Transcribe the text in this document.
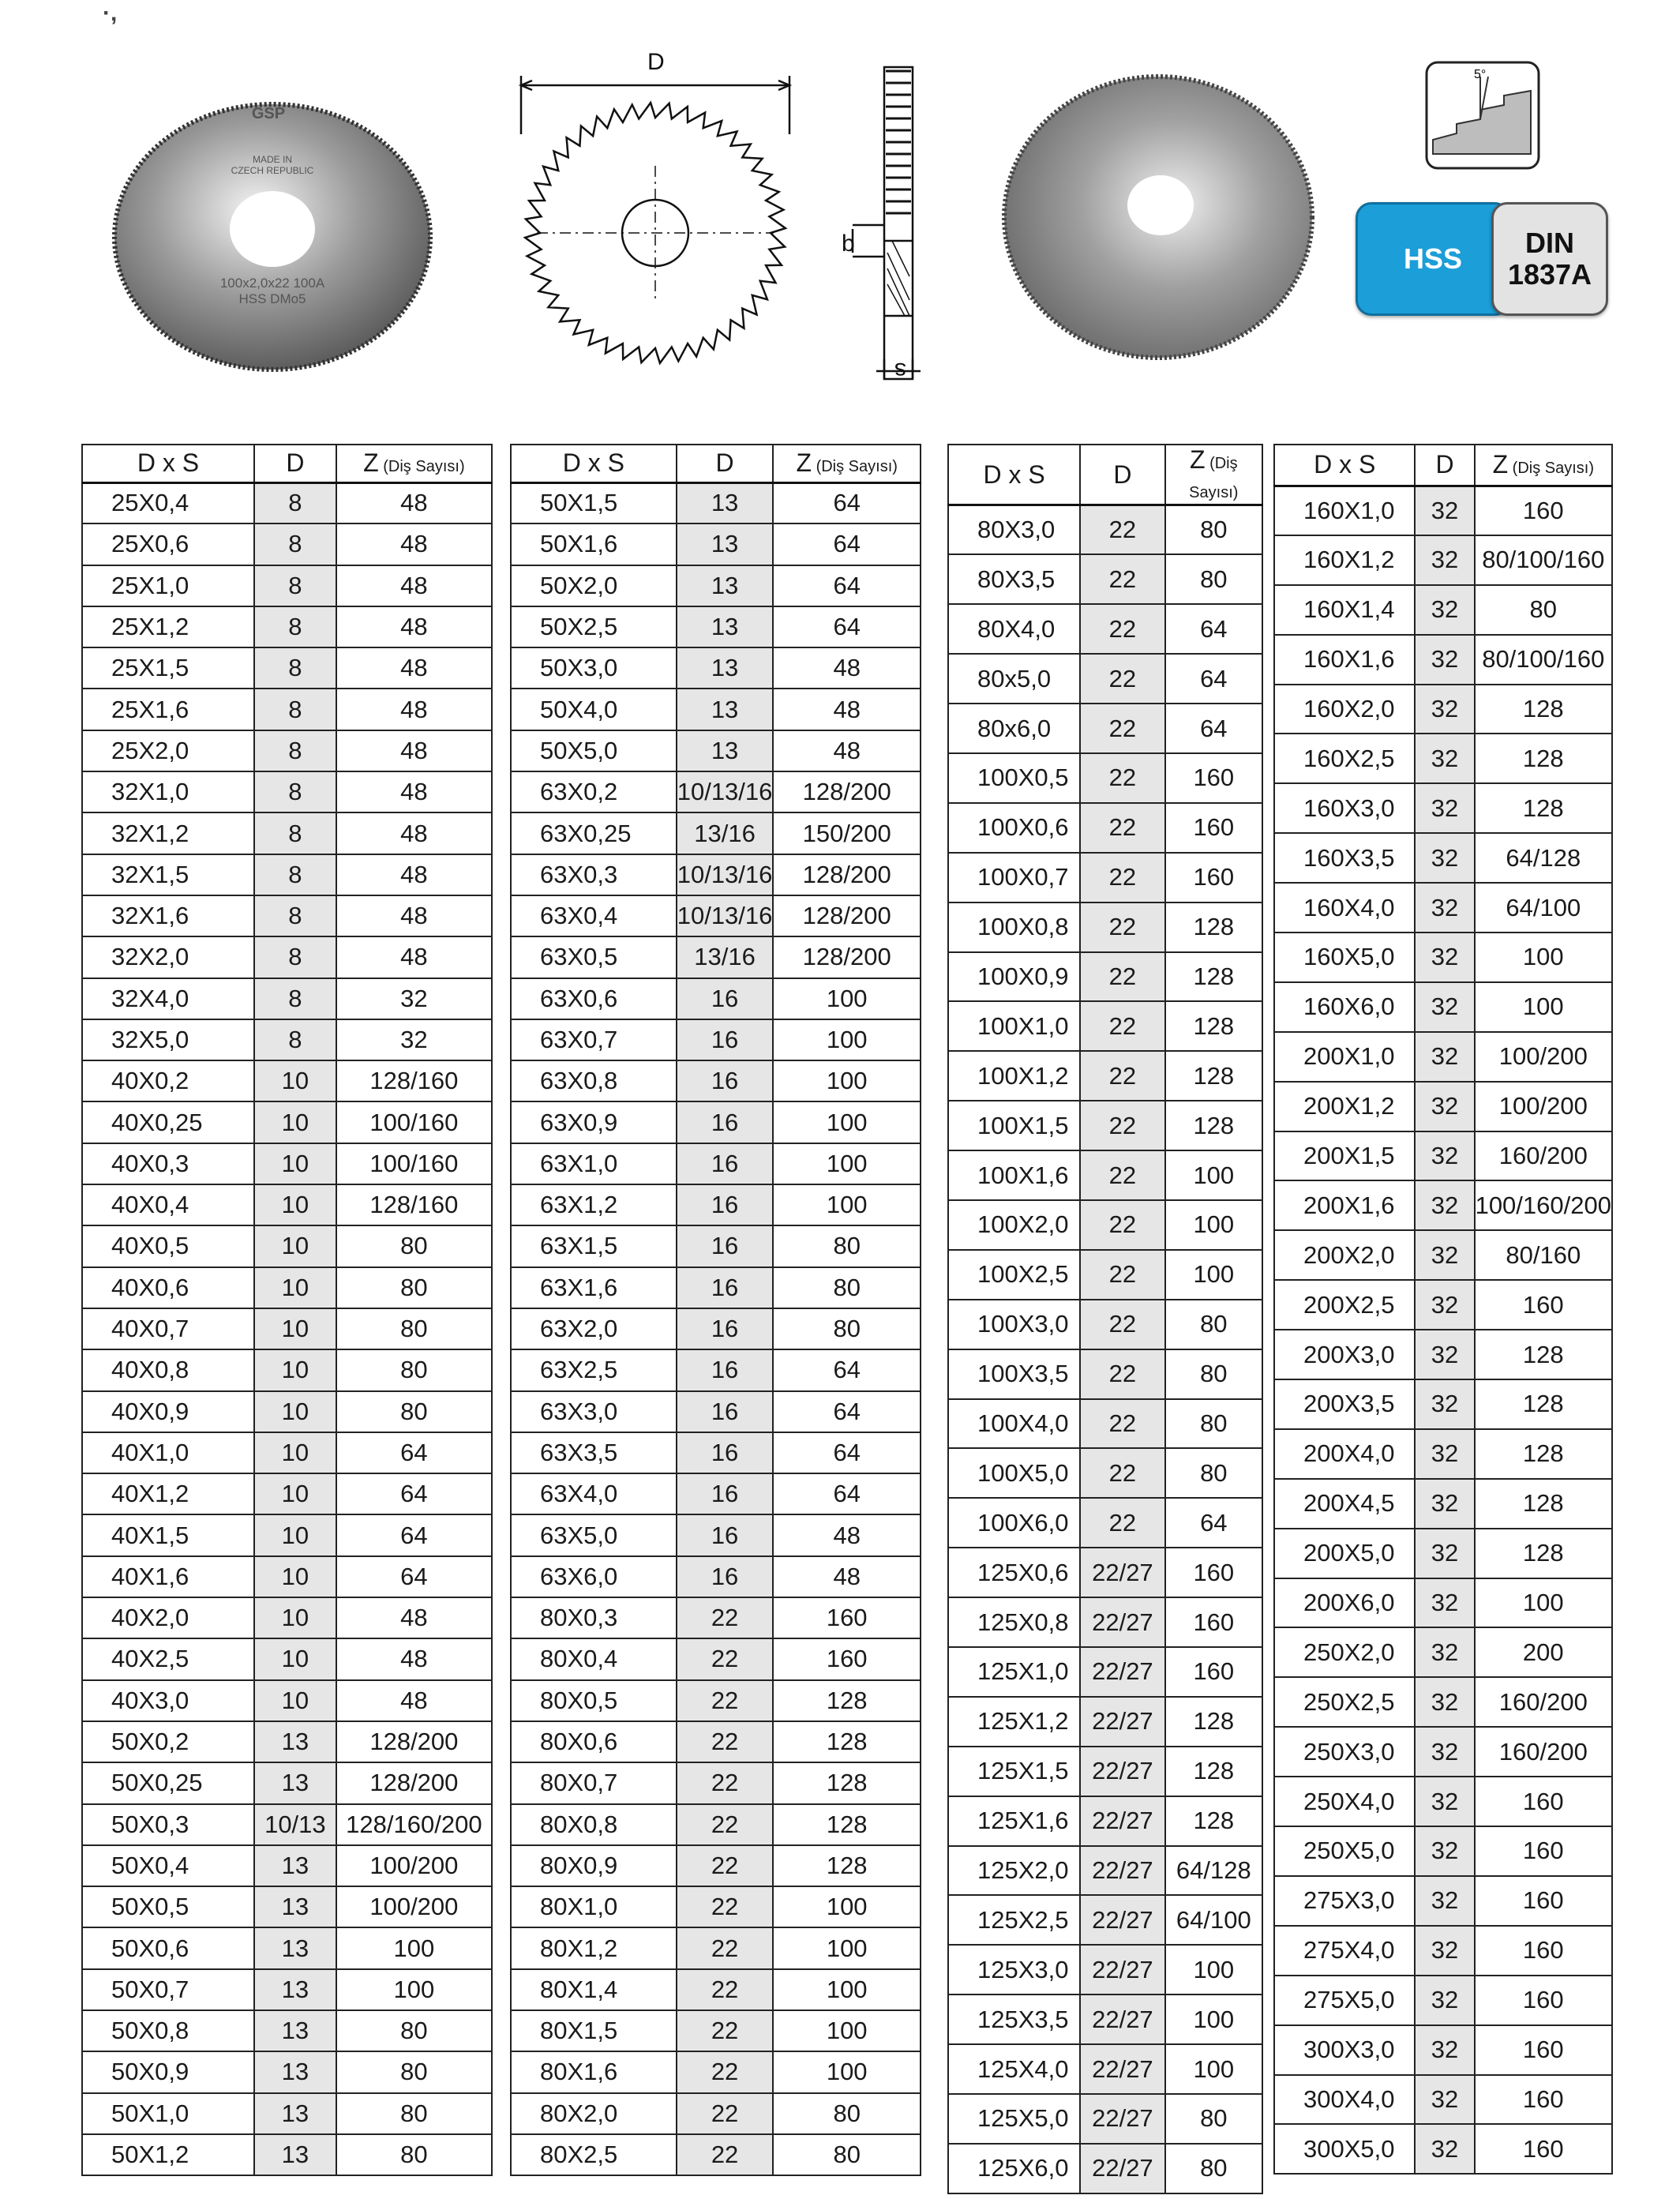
·,
GSP
MADE IN
CZECH REPUBLIC
100x2,0x22 100A
HSS DMo5
D
b
s
5°
HSS	DIN
1837A
D x S	D	Z (Diş Sayısı)
25X0,4	8	48
25X0,6	8	48
25X1,0	8	48
25X1,2	8	48
25X1,5	8	48
25X1,6	8	48
25X2,0	8	48
32X1,0	8	48
32X1,2	8	48
32X1,5	8	48
32X1,6	8	48
32X2,0	8	48
32X4,0	8	32
32X5,0	8	32
40X0,2	10	128/160
40X0,25	10	100/160
40X0,3	10	100/160
40X0,4	10	128/160
40X0,5	10	80
40X0,6	10	80
40X0,7	10	80
40X0,8	10	80
40X0,9	10	80
40X1,0	10	64
40X1,2	10	64
40X1,5	10	64
40X1,6	10	64
40X2,0	10	48
40X2,5	10	48
40X3,0	10	48
50X0,2	13	128/200
50X0,25	13	128/200
50X0,3	10/13	128/160/200
50X0,4	13	100/200
50X0,5	13	100/200
50X0,6	13	100
50X0,7	13	100
50X0,8	13	80
50X0,9	13	80
50X1,0	13	80
50X1,2	13	80
D x S	D	Z (Diş Sayısı)
50X1,5	13	64
50X1,6	13	64
50X2,0	13	64
50X2,5	13	64
50X3,0	13	48
50X4,0	13	48
50X5,0	13	48
63X0,2	10/13/16	128/200
63X0,25	13/16	150/200
63X0,3	10/13/16	128/200
63X0,4	10/13/16	128/200
63X0,5	13/16	128/200
63X0,6	16	100
63X0,7	16	100
63X0,8	16	100
63X0,9	16	100
63X1,0	16	100
63X1,2	16	100
63X1,5	16	80
63X1,6	16	80
63X2,0	16	80
63X2,5	16	64
63X3,0	16	64
63X3,5	16	64
63X4,0	16	64
63X5,0	16	48
63X6,0	16	48
80X0,3	22	160
80X0,4	22	160
80X0,5	22	128
80X0,6	22	128
80X0,7	22	128
80X0,8	22	128
80X0,9	22	128
80X1,0	22	100
80X1,2	22	100
80X1,4	22	100
80X1,5	22	100
80X1,6	22	100
80X2,0	22	80
80X2,5	22	80
D x S	D	Z (Diş Sayısı)
80X3,0	22	80
80X3,5	22	80
80X4,0	22	64
80x5,0	22	64
80x6,0	22	64
100X0,5	22	160
100X0,6	22	160
100X0,7	22	160
100X0,8	22	128
100X0,9	22	128
100X1,0	22	128
100X1,2	22	128
100X1,5	22	128
100X1,6	22	100
100X2,0	22	100
100X2,5	22	100
100X3,0	22	80
100X3,5	22	80
100X4,0	22	80
100X5,0	22	80
100X6,0	22	64
125X0,6	22/27	160
125X0,8	22/27	160
125X1,0	22/27	160
125X1,2	22/27	128
125X1,5	22/27	128
125X1,6	22/27	128
125X2,0	22/27	64/128
125X2,5	22/27	64/100
125X3,0	22/27	100
125X3,5	22/27	100
125X4,0	22/27	100
125X5,0	22/27	80
125X6,0	22/27	80
D x S	D	Z (Diş Sayısı)
160X1,0	32	160
160X1,2	32	80/100/160
160X1,4	32	80
160X1,6	32	80/100/160
160X2,0	32	128
160X2,5	32	128
160X3,0	32	128
160X3,5	32	64/128
160X4,0	32	64/100
160X5,0	32	100
160X6,0	32	100
200X1,0	32	100/200
200X1,2	32	100/200
200X1,5	32	160/200
200X1,6	32	100/160/200
200X2,0	32	80/160
200X2,5	32	160
200X3,0	32	128
200X3,5	32	128
200X4,0	32	128
200X4,5	32	128
200X5,0	32	128
200X6,0	32	100
250X2,0	32	200
250X2,5	32	160/200
250X3,0	32	160/200
250X4,0	32	160
250X5,0	32	160
275X3,0	32	160
275X4,0	32	160
275X5,0	32	160
300X3,0	32	160
300X4,0	32	160
300X5,0	32	160
